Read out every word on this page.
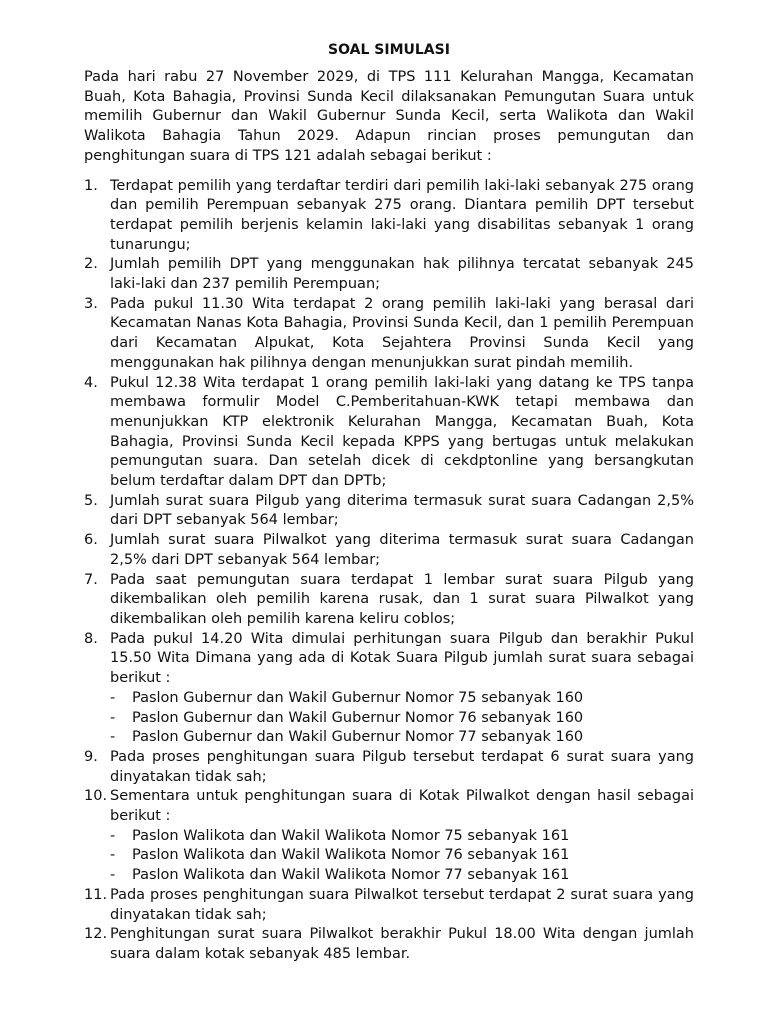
SOAL SIMULASI
Pada hari rabu 27 November 2029, di TPS 111 Kelurahan Mangga, Kecamatan Buah, Kota Bahagia, Provinsi Sunda Kecil dilaksanakan Pemungutan Suara untuk memilih Gubernur dan Wakil Gubernur Sunda Kecil, serta Walikota dan Wakil Walikota Bahagia Tahun 2029. Adapun rincian proses pemungutan dan penghitungan suara di TPS 121 adalah sebagai berikut :
1. Terdapat pemilih yang terdaftar terdiri dari pemilih laki-laki sebanyak 275 orang dan pemilih Perempuan sebanyak 275 orang. Diantara pemilih DPT tersebut terdapat pemilih berjenis kelamin laki-laki yang disabilitas sebanyak 1 orang tunarungu;
2. Jumlah pemilih DPT yang menggunakan hak pilihnya tercatat sebanyak 245 laki-laki dan 237 pemilih Perempuan;
3. Pada pukul 11.30 Wita terdapat 2 orang pemilih laki-laki yang berasal dari Kecamatan Nanas Kota Bahagia, Provinsi Sunda Kecil, dan 1 pemilih Perempuan dari Kecamatan Alpukat, Kota Sejahtera Provinsi Sunda Kecil yang menggunakan hak pilihnya dengan menunjukkan surat pindah memilih.
4. Pukul 12.38 Wita terdapat 1 orang pemilih laki-laki yang datang ke TPS tanpa membawa formulir Model C.Pemberitahuan-KWK tetapi membawa dan menunjukkan KTP elektronik Kelurahan Mangga, Kecamatan Buah, Kota Bahagia, Provinsi Sunda Kecil kepada KPPS yang bertugas untuk melakukan pemungutan suara. Dan setelah dicek di cekdptonline yang bersangkutan belum terdaftar dalam DPT dan DPTb;
5. Jumlah surat suara Pilgub yang diterima termasuk surat suara Cadangan 2,5% dari DPT sebanyak 564 lembar;
6. Jumlah surat suara Pilwalkot yang diterima termasuk surat suara Cadangan 2,5% dari DPT sebanyak 564 lembar;
7. Pada saat pemungutan suara terdapat 1 lembar surat suara Pilgub yang dikembalikan oleh pemilih karena rusak, dan 1 surat suara Pilwalkot yang dikembalikan oleh pemilih karena keliru coblos;
8. Pada pukul 14.20 Wita dimulai perhitungan suara Pilgub dan berakhir Pukul 15.50 Wita Dimana yang ada di Kotak Suara Pilgub jumlah surat suara sebagai berikut :
- Paslon Gubernur dan Wakil Gubernur Nomor 75 sebanyak 160
- Paslon Gubernur dan Wakil Gubernur Nomor 76 sebanyak 160
- Paslon Gubernur dan Wakil Gubernur Nomor 77 sebanyak 160
9. Pada proses penghitungan suara Pilgub tersebut terdapat 6 surat suara yang dinyatakan tidak sah;
10. Sementara untuk penghitungan suara di Kotak Pilwalkot dengan hasil sebagai berikut :
- Paslon Walikota dan Wakil Walikota Nomor 75 sebanyak 161
- Paslon Walikota dan Wakil Walikota Nomor 76 sebanyak 161
- Paslon Walikota dan Wakil Walikota Nomor 77 sebanyak 161
11. Pada proses penghitungan suara Pilwalkot tersebut terdapat 2 surat suara yang dinyatakan tidak sah;
12. Penghitungan surat suara Pilwalkot berakhir Pukul 18.00 Wita dengan jumlah suara dalam kotak sebanyak 485 lembar.
